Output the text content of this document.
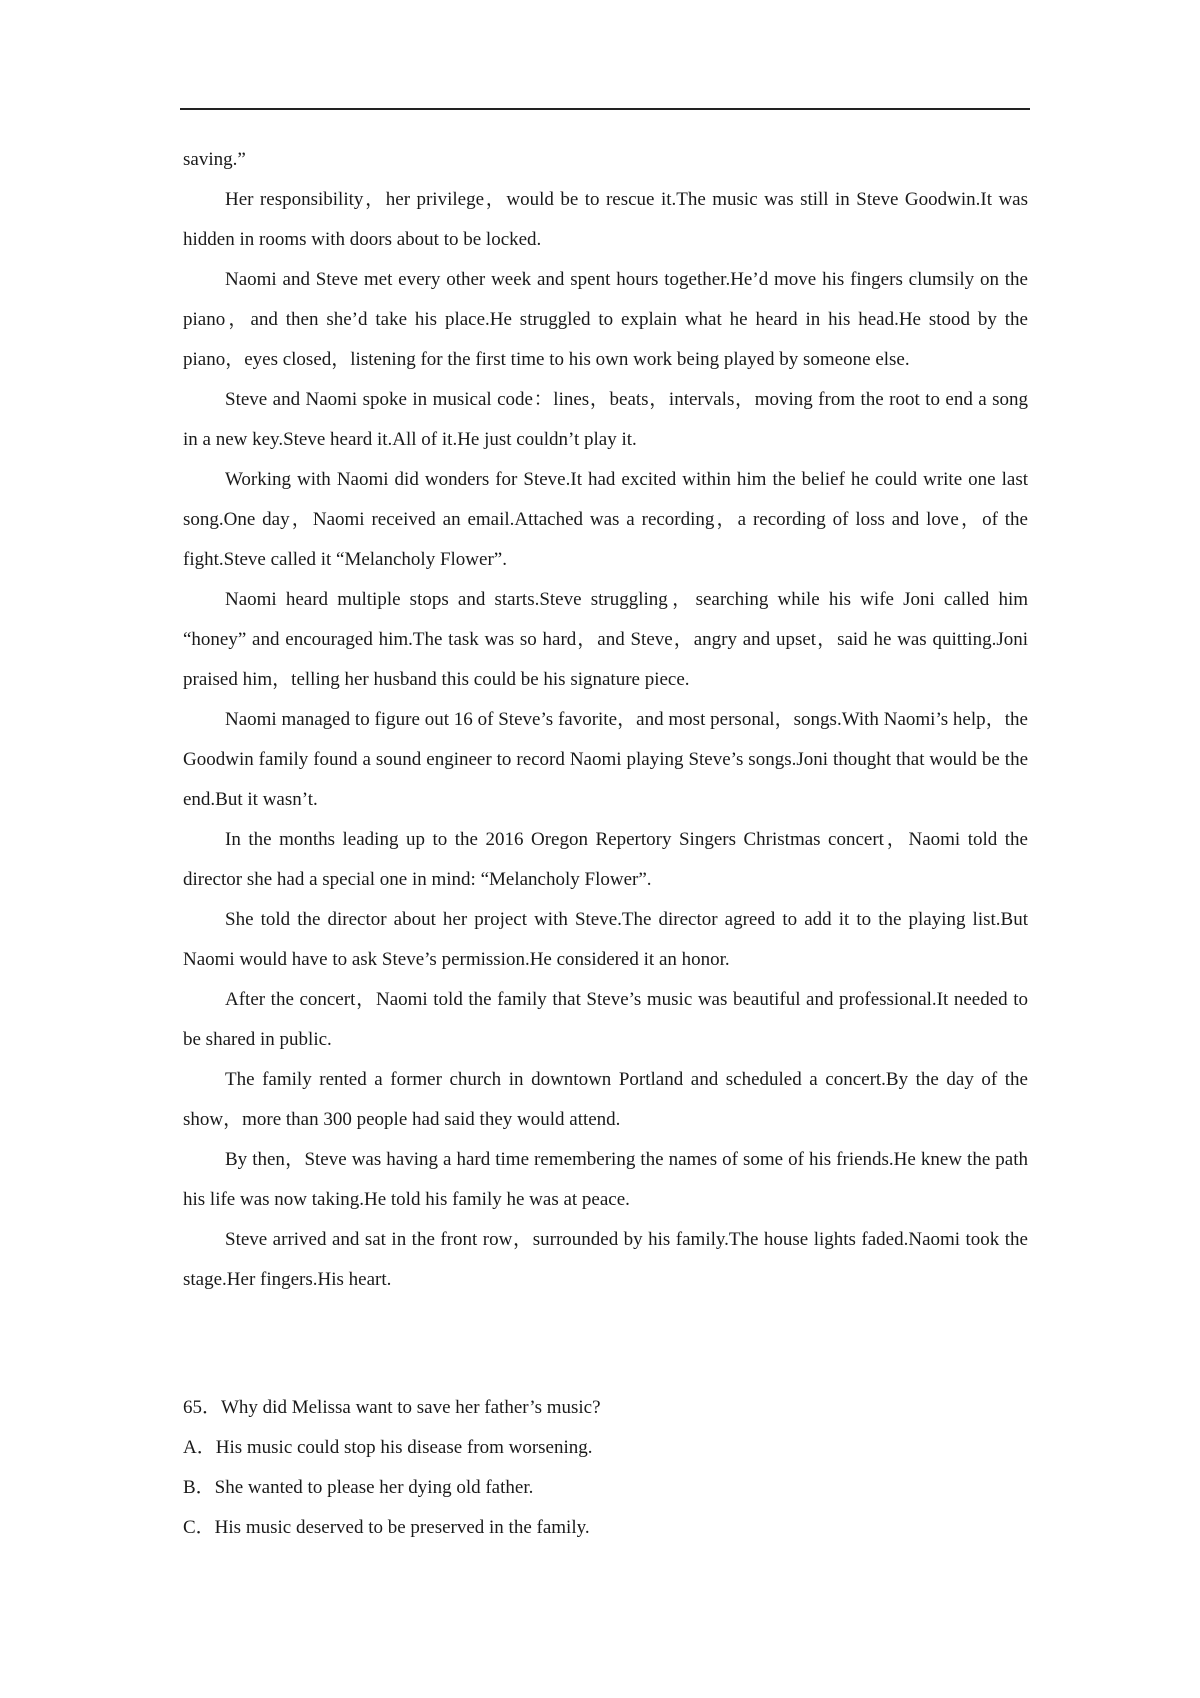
saving.”

Her responsibility，her privilege，would be to rescue it.The music was still in Steve Goodwin.It was hidden in rooms with doors about to be locked.

Naomi and Steve met every other week and spent hours together.He’d move his fingers clumsily on the piano，and then she’d take his place.He struggled to explain what he heard in his head.He stood by the piano，eyes closed，listening for the first time to his own work being played by someone else.

Steve and Naomi spoke in musical code：lines，beats，intervals，moving from the root to end a song in a new key.Steve heard it.All of it.He just couldn’t play it.

Working with Naomi did wonders for Steve.It had excited within him the belief he could write one last song.One day，Naomi received an email.Attached was a recording，a recording of loss and love，of the fight.Steve called it “Melancholy Flower”.

Naomi heard multiple stops and starts.Steve struggling，searching while his wife Joni called him “honey” and encouraged him.The task was so hard，and Steve，angry and upset，said he was quitting.Joni praised him，telling her husband this could be his signature piece.

Naomi managed to figure out 16 of Steve’s favorite，and most personal，songs.With Naomi’s help，the Goodwin family found a sound engineer to record Naomi playing Steve’s songs.Joni thought that would be the end.But it wasn’t.

In the months leading up to the 2016 Oregon Repertory Singers Christmas concert，Naomi told the director she had a special one in mind: “Melancholy Flower”.

She told the director about her project with Steve.The director agreed to add it to the playing list.But Naomi would have to ask Steve’s permission.He considered it an honor.

After the concert，Naomi told the family that Steve’s music was beautiful and professional.It needed to be shared in public.

The family rented a former church in downtown Portland and scheduled a concert.By the day of the show，more than 300 people had said they would attend.

By then，Steve was having a hard time remembering the names of some of his friends.He knew the path his life was now taking.He told his family he was at peace.

Steve arrived and sat in the front row，surrounded by his family.The house lights faded.Naomi took the stage.Her fingers.His heart.

65．Why did Melissa want to save her father’s music?

A．His music could stop his disease from worsening.

B．She wanted to please her dying old father.

C．His music deserved to be preserved in the family.
